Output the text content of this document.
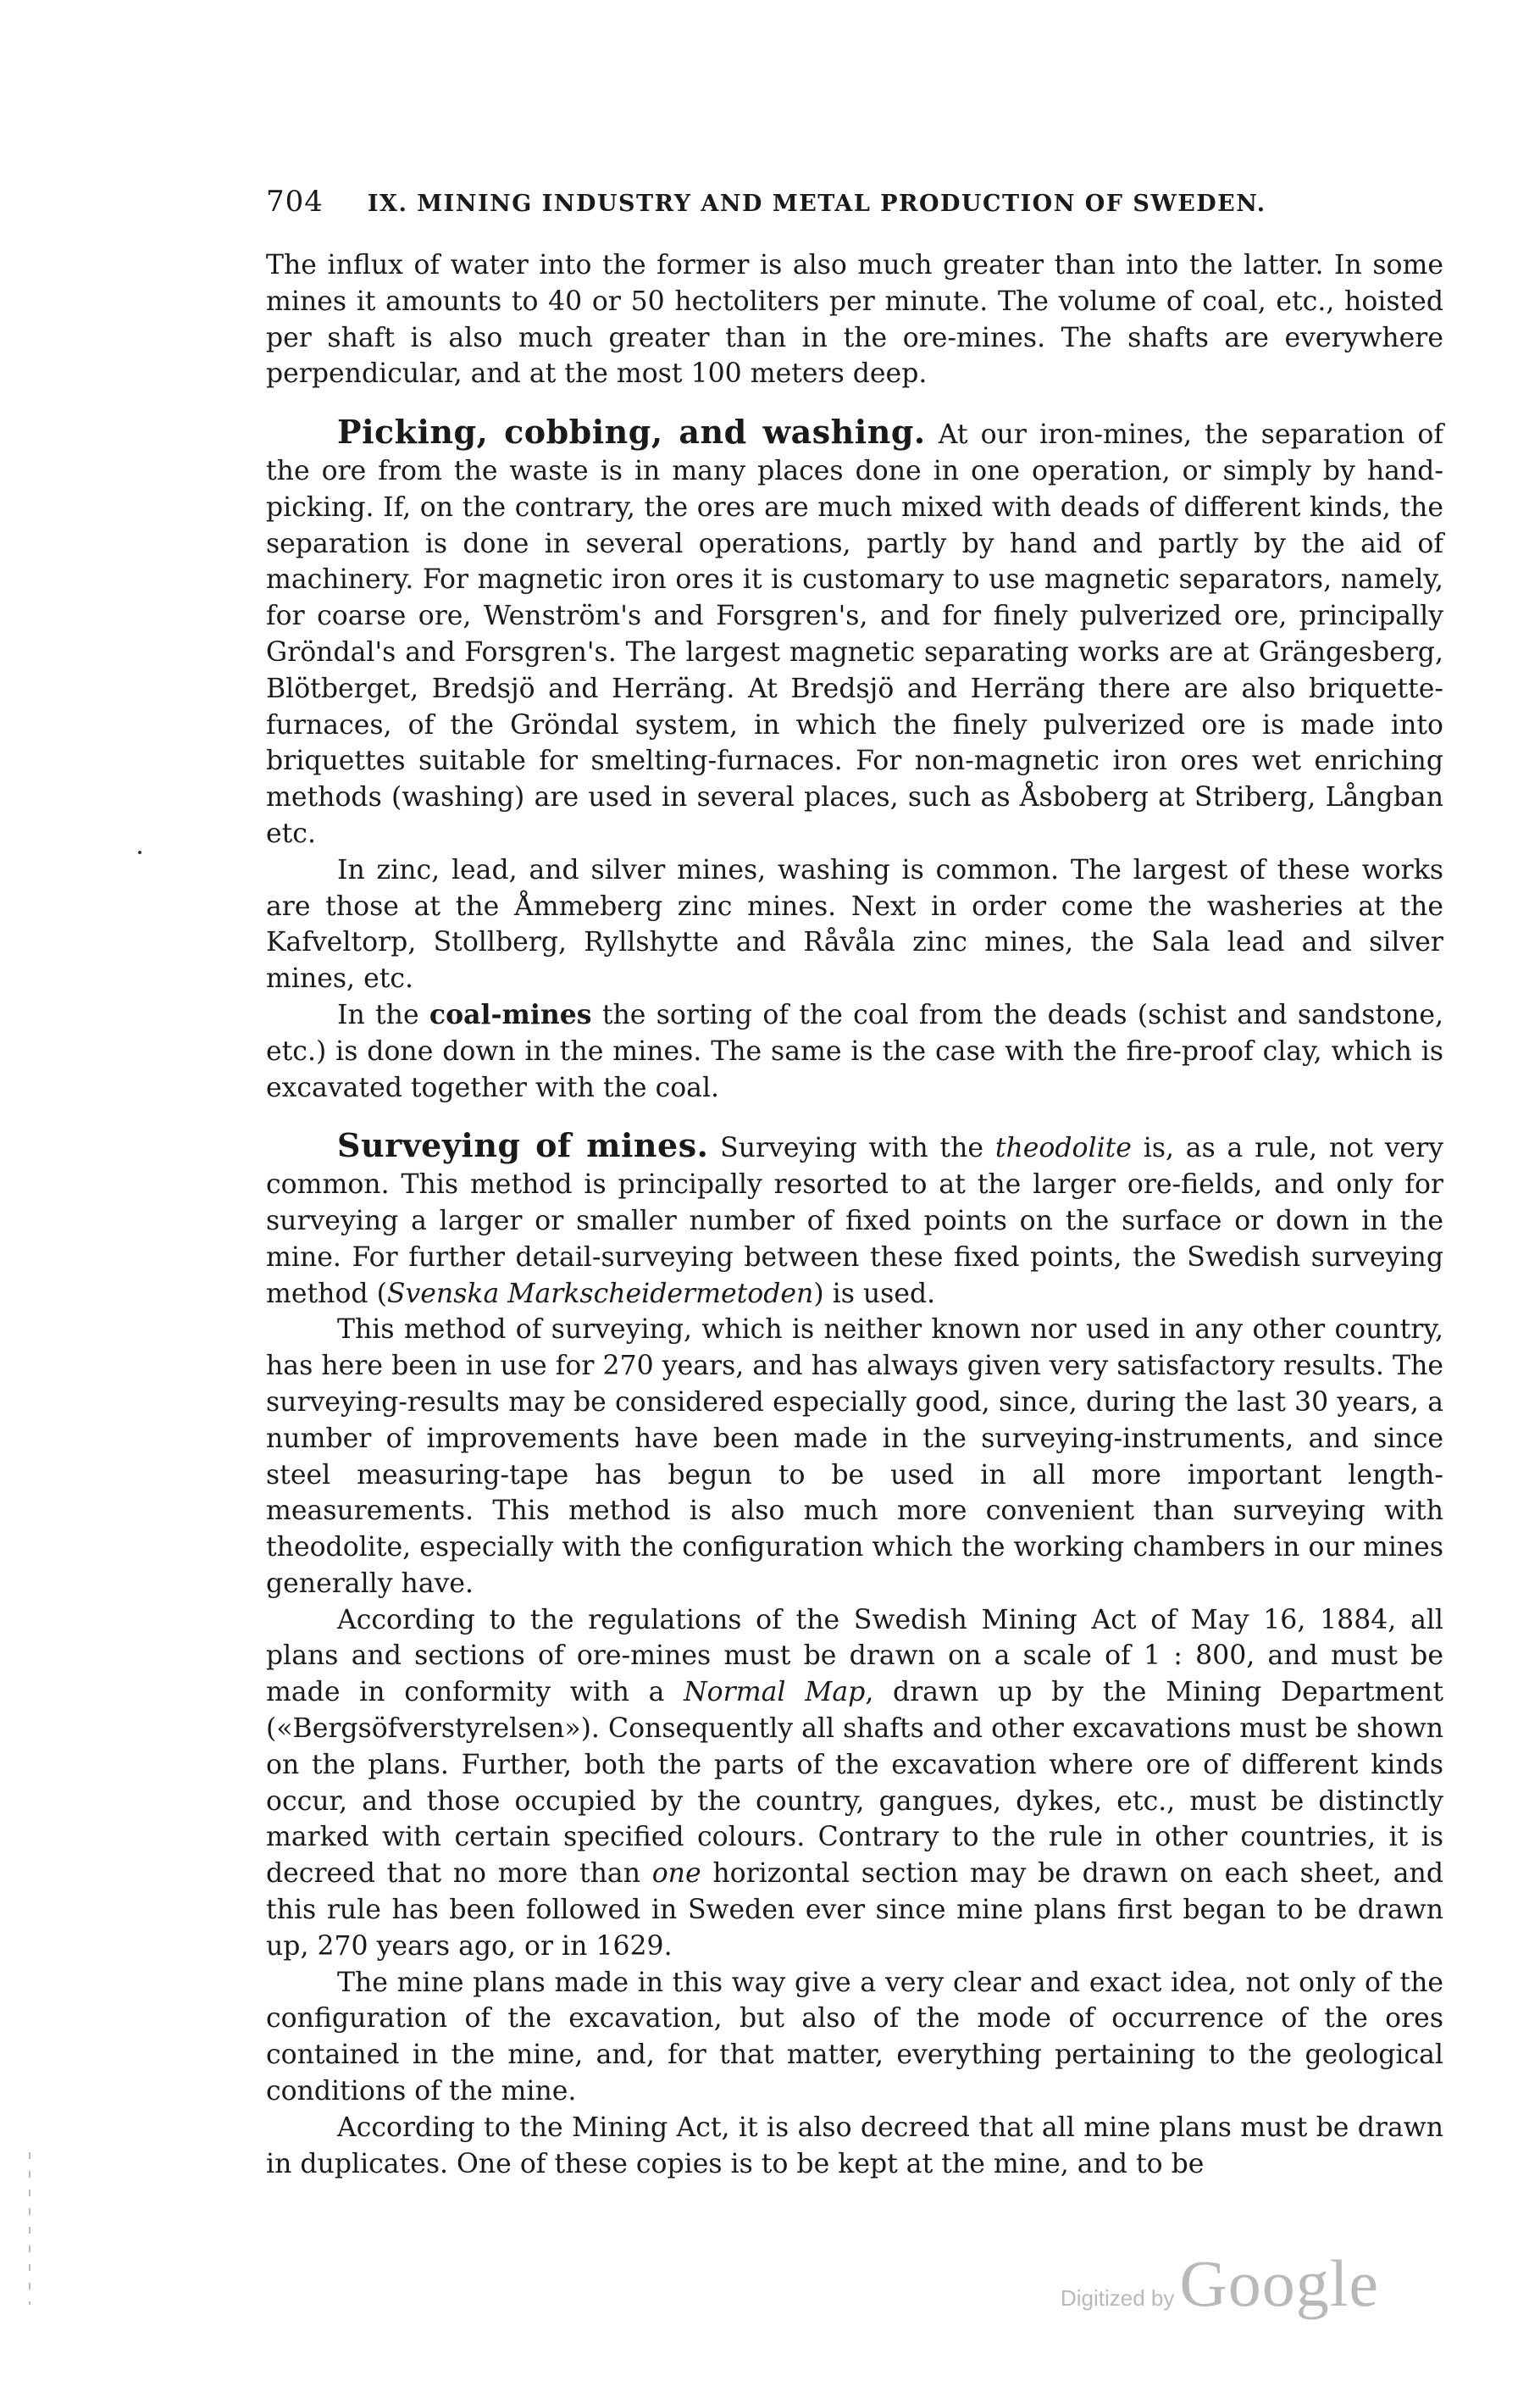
704 IX. MINING INDUSTRY AND METAL PRODUCTION OF SWEDEN.

The influx of water into the former is also much greater than into the latter. In some mines it amounts to 40 or 50 hectoliters per minute. The volume of coal, etc., hoisted per shaft is also much greater than in the ore-mines. The shafts are everywhere perpendicular, and at the most 100 meters deep.

Picking, cobbing, and washing. At our iron-mines, the separation of the ore from the waste is in many places done in one operation, or simply by hand-picking. If, on the contrary, the ores are much mixed with deads of different kinds, the separation is done in several operations, partly by hand and partly by the aid of machinery. For magnetic iron ores it is customary to use magnetic separators, namely, for coarse ore, Wenström's and Forsgren's, and for finely pulverized ore, principally Gröndal's and Forsgren's. The largest magnetic separating works are at Grängesberg, Blötberget, Bredsjö and Herräng. At Bredsjö and Herräng there are also briquette-furnaces, of the Gröndal system, in which the finely pulverized ore is made into briquettes suitable for smelting-furnaces. For non-magnetic iron ores wet enriching methods (washing) are used in several places, such as Åsboberg at Striberg, Långban etc.

In zinc, lead, and silver mines, washing is common. The largest of these works are those at the Åmmeberg zinc mines. Next in order come the washeries at the Kafveltorp, Stollberg, Ryllshytte and Råvåla zinc mines, the Sala lead and silver mines, etc.

In the coal-mines the sorting of the coal from the deads (schist and sandstone, etc.) is done down in the mines. The same is the case with the fire-proof clay, which is excavated together with the coal.

Surveying of mines. Surveying with the theodolite is, as a rule, not very common. This method is principally resorted to at the larger ore-fields, and only for surveying a larger or smaller number of fixed points on the surface or down in the mine. For further detail-surveying between these fixed points, the Swedish surveying method (Svenska Markscheidermetoden) is used.

This method of surveying, which is neither known nor used in any other country, has here been in use for 270 years, and has always given very satisfactory results. The surveying-results may be considered especially good, since, during the last 30 years, a number of improvements have been made in the surveying-instruments, and since steel measuring-tape has begun to be used in all more important length-measurements. This method is also much more convenient than surveying with theodolite, especially with the configuration which the working chambers in our mines generally have.

According to the regulations of the Swedish Mining Act of May 16, 1884, all plans and sections of ore-mines must be drawn on a scale of 1 : 800, and must be made in conformity with a Normal Map, drawn up by the Mining Department («Bergsöfverstyrelsen»). Consequently all shafts and other excavations must be shown on the plans. Further, both the parts of the excavation where ore of different kinds occur, and those occupied by the country, gangues, dykes, etc., must be distinctly marked with certain specified colours. Contrary to the rule in other countries, it is decreed that no more than one horizontal section may be drawn on each sheet, and this rule has been followed in Sweden ever since mine plans first began to be drawn up, 270 years ago, or in 1629.

The mine plans made in this way give a very clear and exact idea, not only of the configuration of the excavation, but also of the mode of occurrence of the ores contained in the mine, and, for that matter, everything pertaining to the geological conditions of the mine.

According to the Mining Act, it is also decreed that all mine plans must be drawn in duplicates. One of these copies is to be kept at the mine, and to be

Digitized by Google
